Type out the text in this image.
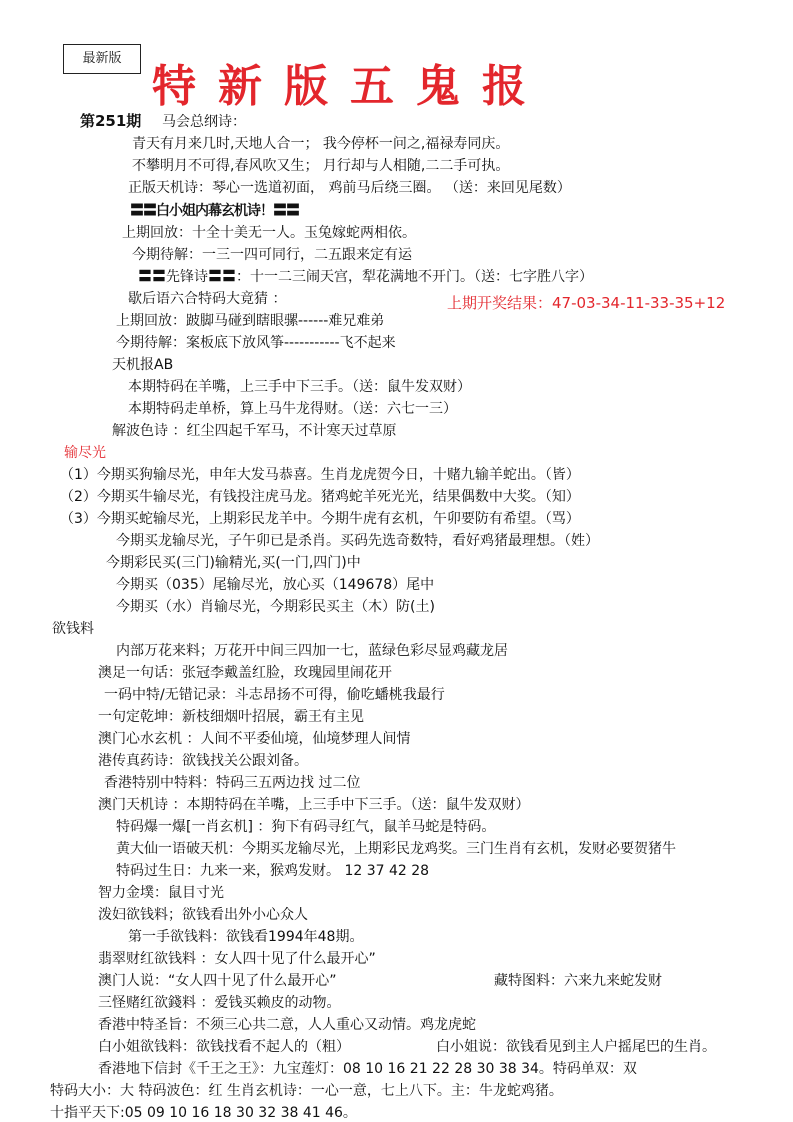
最新版
特新版五鬼报
第251期 马会总纲诗：
上期开奖结果：47-03-34-11-33-35+12
青天有月来几时,天地人合一； 我今停杯一问之,福禄寿同庆。
不攀明月不可得,春风吹又生； 月行却与人相随,二二手可执。
正版天机诗：琴心一选道初面， 鸡前马后绕三圈。 （送：来回见尾数）
〓〓白小姐内幕玄机诗！〓〓
上期回放：十全十美无一人。玉兔嫁蛇两相依。
今期待解：一三一四可同行，二五跟来定有运
〓〓先锋诗〓〓：十一二三闹天宫，犁花满地不开门。（送：七字胜八字）
歇后语六合特码大竟猜 ：
上期回放：跛脚马碰到瞎眼骡------难兄难弟
今期待解：案板底下放风筝-----------飞不起来
天机报AB
本期特码在羊嘴，上三手中下三手。（送：鼠牛发双财）
本期特码走单桥，算上马牛龙得财。（送：六七一三）
解波色诗 ：红尘四起千军马，不计寒天过草原
输尽光
（1）今期买狗输尽光，申年大发马恭喜。生肖龙虎贺今日，十赌九输羊蛇出。（皆）
（2）今期买牛输尽光，有钱投注虎马龙。猪鸡蛇羊死光光，结果偶数中大奖。（知）
（3）今期买蛇输尽光，上期彩民龙羊中。今期牛虎有玄机，午卯要防有希望。（骂）
今期买龙输尽光，子午卯已是杀肖。买码先选奇数特，看好鸡猪最理想。（姓）
今期彩民买(三门)输精光,买(一门,四门)中
今期买（035）尾输尽光，放心买（149678）尾中
今期买（水）肖输尽光，今期彩民买主（木）防(土)
欲钱料
内部万花来料；万花开中间三四加一七，蓝绿色彩尽显鸡藏龙居
澳足一句话：张冠李戴盖红脸，玫瑰园里闹花开
一码中特/无错记录：斗志昂扬不可得，偷吃蟠桃我最行
一句定乾坤：新枝细烟叶招展，霸王有主见
澳门心水玄机 ：人间不平委仙境，仙境梦理人间情
港传真药诗：欲钱找关公跟刘备。
香港特别中特料：特码三五两边找 过二位
澳门天机诗 ：本期特码在羊嘴，上三手中下三手。（送：鼠牛发双财）
特码爆一爆[一肖玄机] ：狗下有码寻红气，鼠羊马蛇是特码。
黄大仙一语破天机：今期买龙输尽光，上期彩民龙鸡奖。三门生肖有玄机，发财必要贺猪牛
特码过生日：九来一来，猴鸡发财。 12 37 42 28
智力金墣：鼠目寸光
泼妇欲钱料；欲钱看出外小心众人
第一手欲钱料：欲钱看1994年48期。
翡翠财红欲钱料 ：女人四十见了什么最开心”
澳门人说：“女人四十见了什么最开心”	藏特图料：六来九来蛇发财
三怪赌红欲錢料 ：爱钱买赖皮的动物。
香港中特圣旨：不须三心共二意，人人重心又动情。鸡龙虎蛇
白小姐欲钱料：欲钱找看不起人的（粗）	白小姐说：欲钱看见到主人户摇尾巴的生肖。
香港地下信封《千王之王》：九宝莲灯：08 10 16 21 22 28 30 38 34。特码单双：双
特码大小：大 特码波色：红 生肖玄机诗：一心一意，七上八下。主：牛龙蛇鸡猪。
十指平天下:05 09 10 16 18 30 32 38 41 46。
